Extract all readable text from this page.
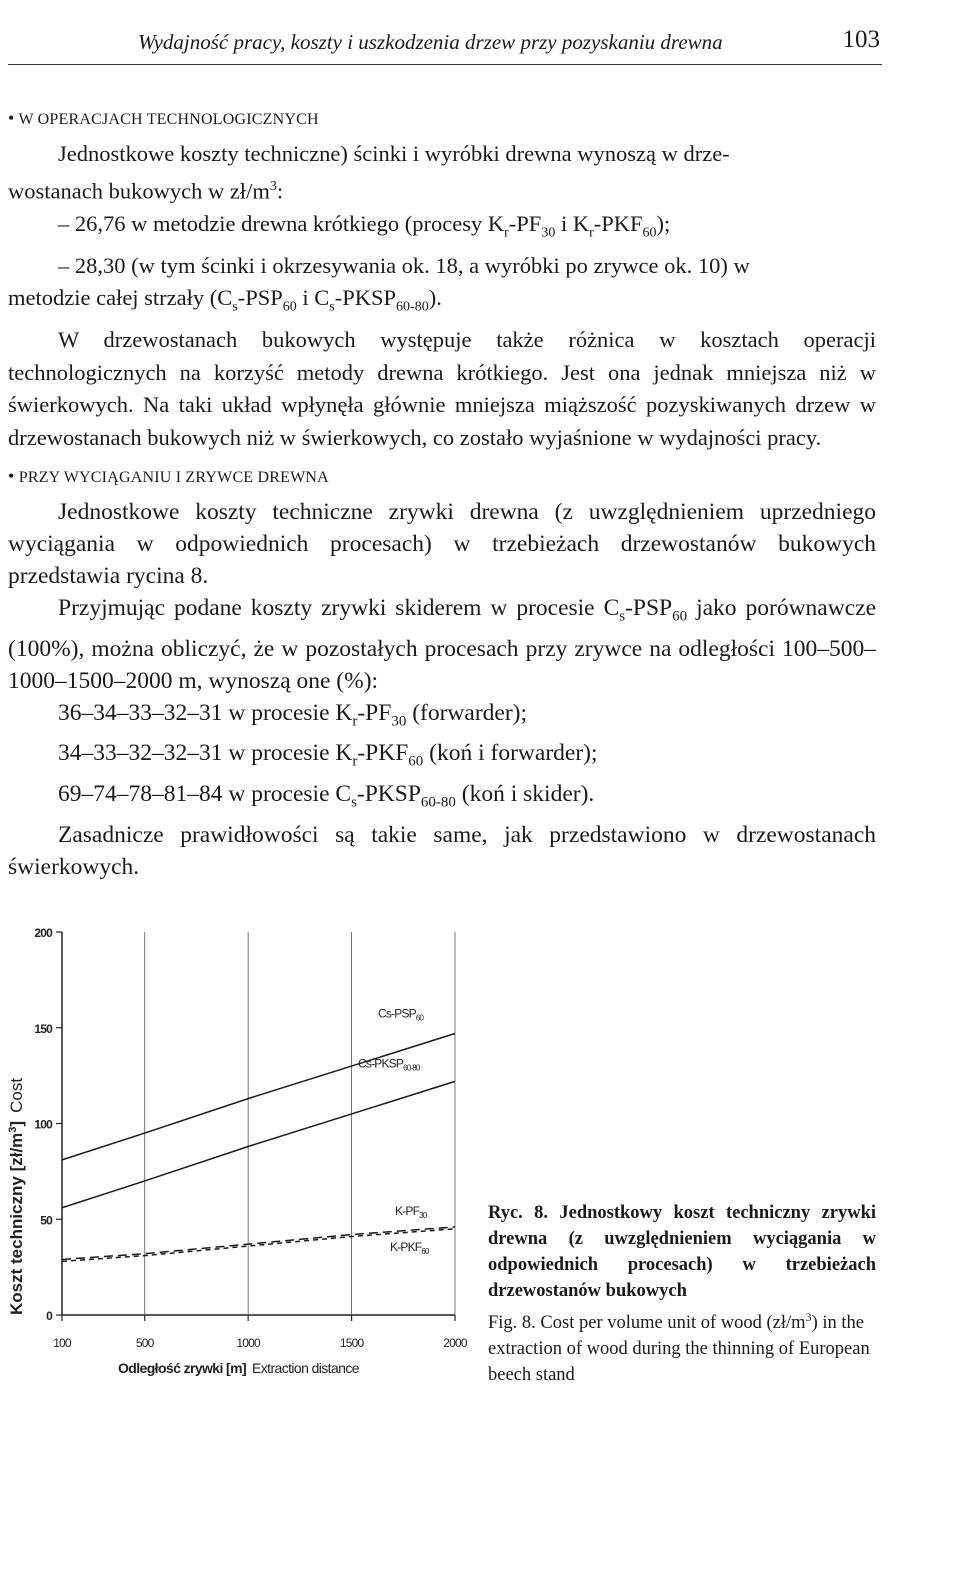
Wydajność pracy, koszty i uszkodzenia drzew przy pozyskaniu drewna	103
• W OPERACJACH TECHNOLOGICZNYCH

Jednostkowe koszty techniczne) ścinki i wyróbki drewna wynoszą w drze-

wostanach bukowych w $zł/m^3$:

– 26,76 w metodzie drewna krótkiego (procesy $K_r-PF_{30}$ i $K_r-PKF_{60}$);

– 28,30 (w tym ścinki i okrzesywania ok. 18, a wyróbki po zrywce ok. 10) w

metodzie całej strzały ($C_s-PSP_{60}$ i $C_s-PKSP_{60-80}$).

W drzewostanach bukowych występuje także różnica w kosztach operacji technologicznych na korzyść metody drewna krótkiego. Jest ona jednak mniejsza niż w świerkowych. Na taki układ wpłynęła głównie mniejsza miąższość pozyskiwanych drzew w drzewostanach bukowych niż w świerkowych, co zostało wyjaśnione w wydajności pracy.

• PRZY WYCIĄGANIU I ZRYWCE DREWNA

Jednostkowe koszty techniczne zrywki drewna (z uwzględnieniem uprzedniego wyciągania w odpowiednich procesach) w trzebieżach drzewostanów bukowych przedstawia rycina 8.

Przyjmując podane koszty zrywki skiderem w procesie $C_s-PSP_{60}$ jako porównawcze (100%), można obliczyć, że w pozostałych procesach przy zrywce na odległości 100–500–1000–1500–2000 m, wynoszą one (%):

36–34–33–32–31 w procesie $K_r-PF_{30}$ (forwarder);

34–33–32–32–31 w procesie $K_r-PKF_{60}$ (koń i forwarder);

69–74–78–81–84 w procesie $C_s-PKSP_{60-80}$ (koń i skider).

Zasadnicze prawidłowości są takie same, jak przedstawiono w drzewostanach świerkowych.

Koszt techniczny $[zł/m^3]Cost$
$Cs-PSP_{60}$
$Cs-PKSP_{60-80}$
$K-PF_{30}$
$K-PKF_{60}$
0
50
100
150
200
100	500	1000	1500	2000
Odległość zrywki [m] Extraction distance

Ryc. 8. Jednostkowy koszt techniczny zrywki drewna (z uwzględnieniem wyciągania w odpowiednich procesach) w trzebieżach drzewostanów bukowych

Fig. 8. Cost per volume unit of wood $(zł/m^3)$ in the extraction of wood during the thinning of European beech stand
